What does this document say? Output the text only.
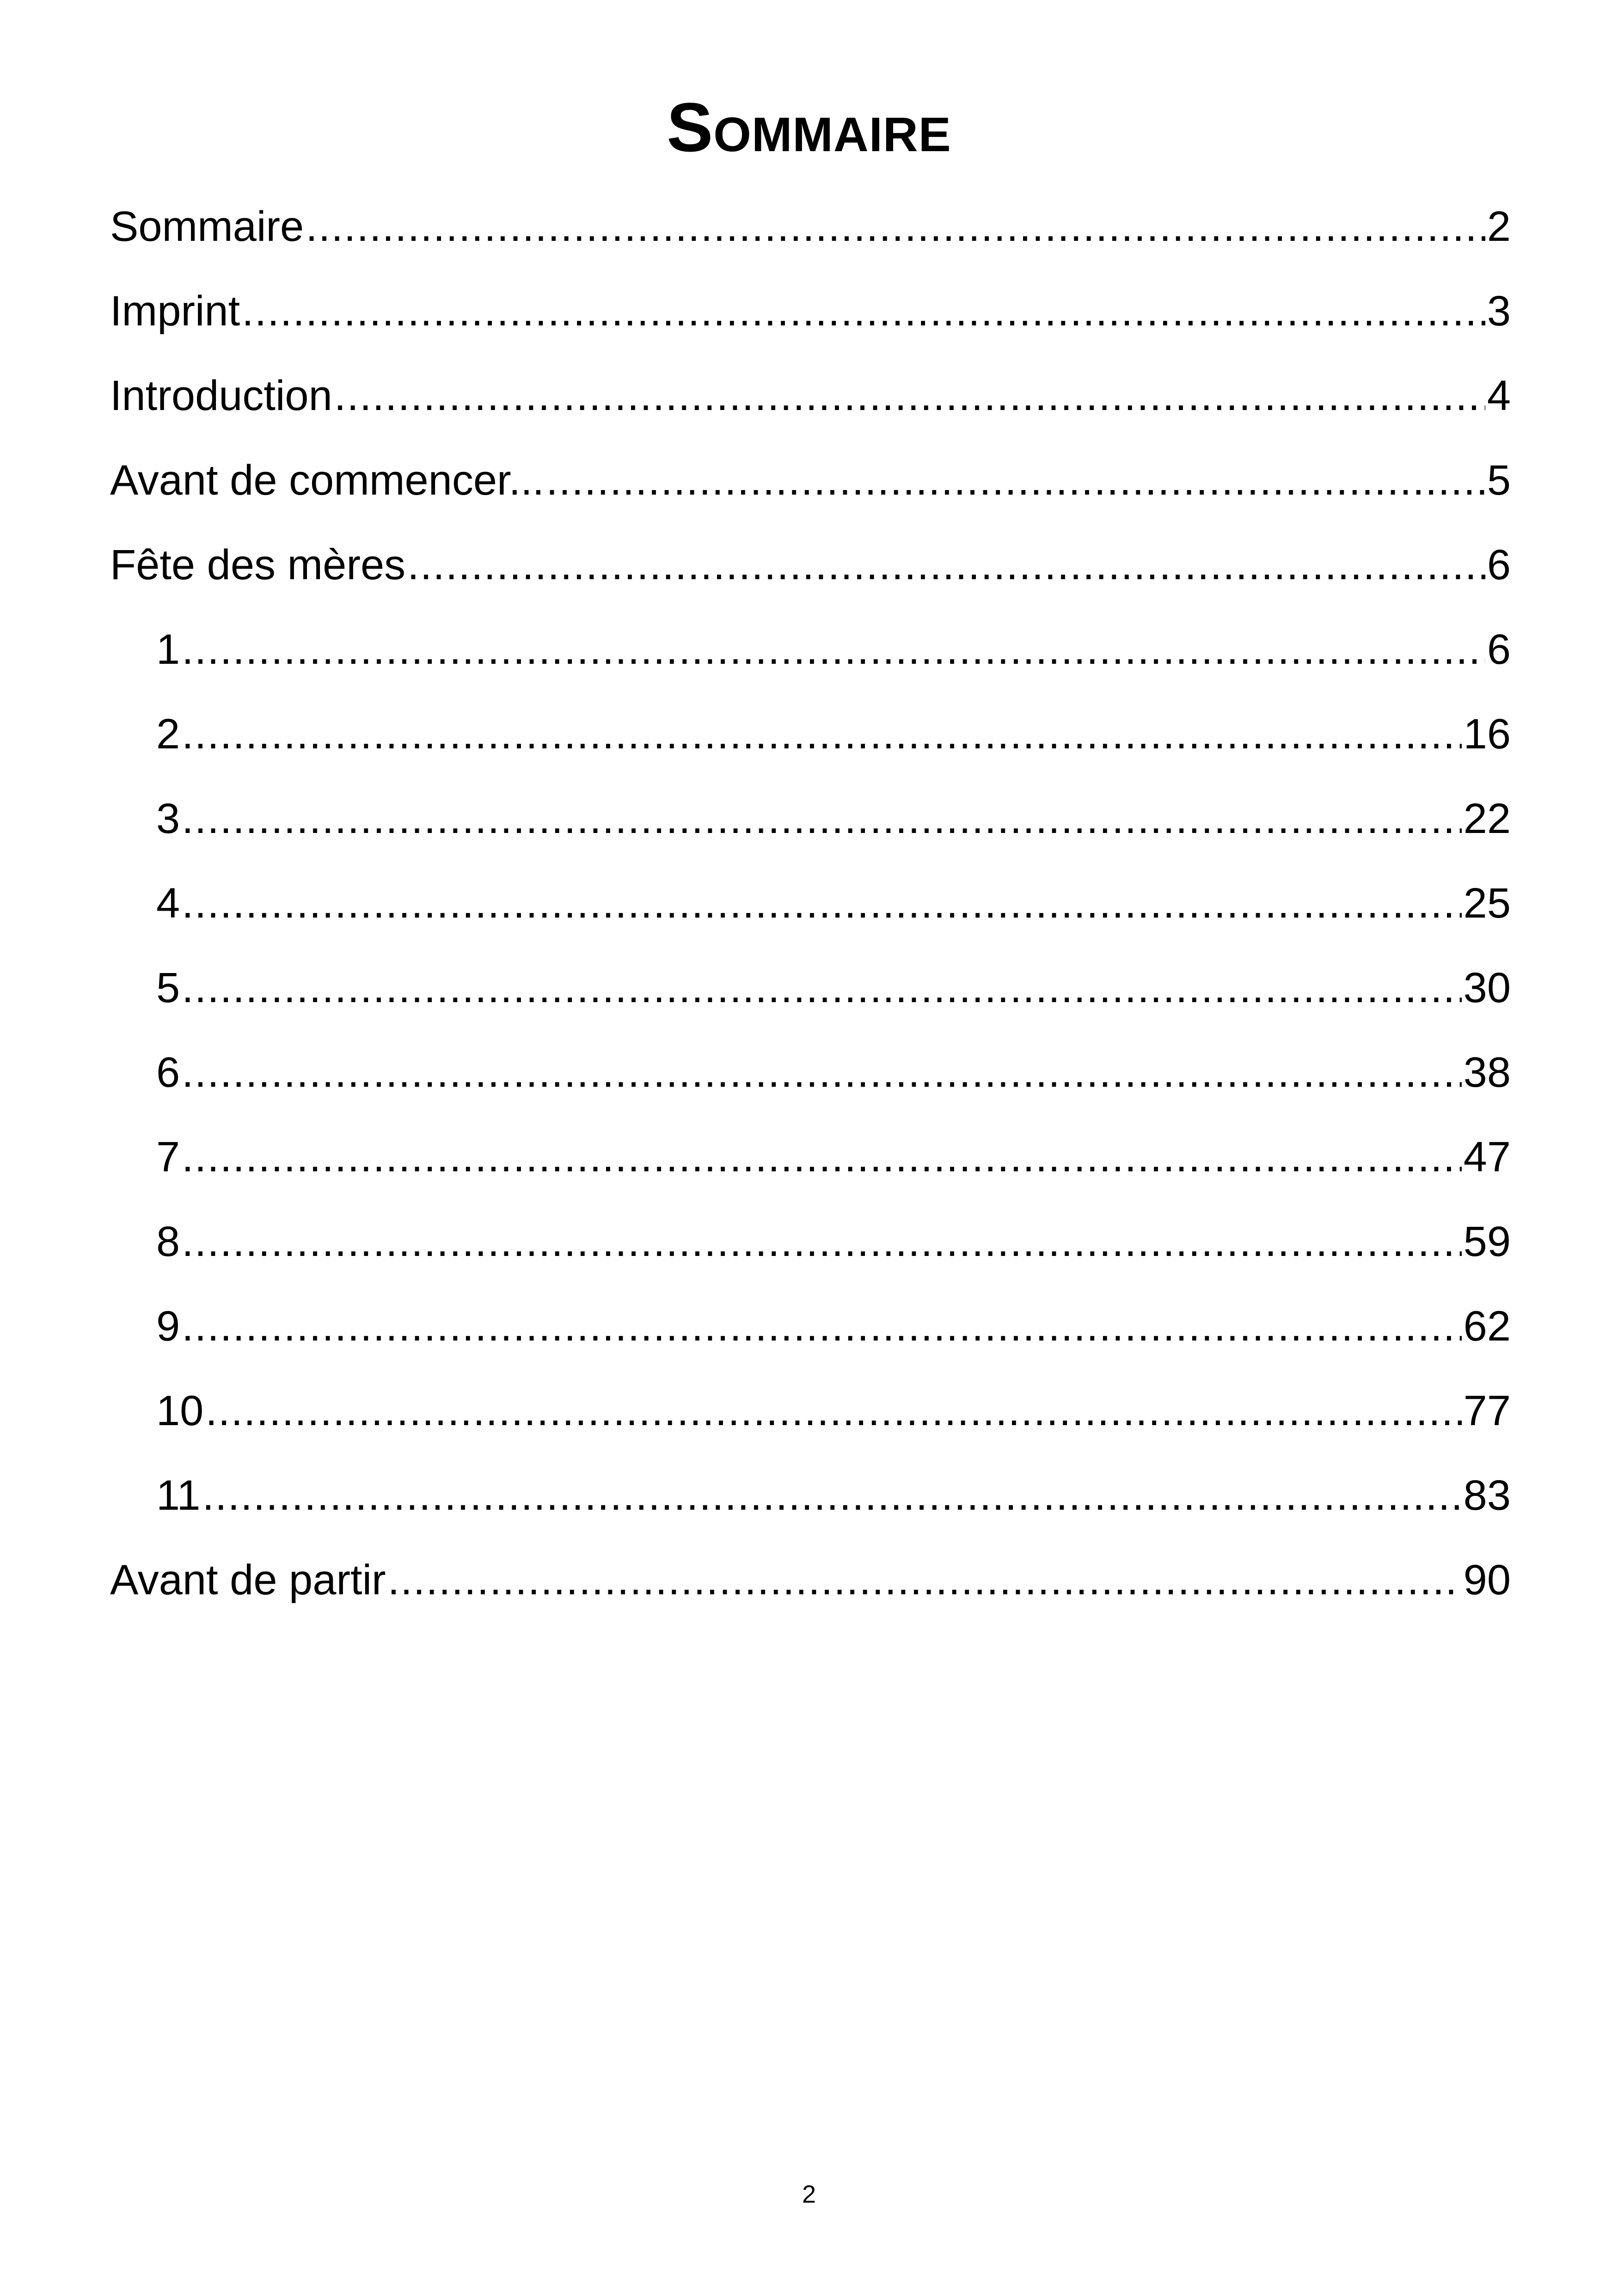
Sommaire
Sommaire .....	2
Imprint .....	3
Introduction .....	4
Avant de commencer... .....	5
Fête des mères .....	6
1 .....	6
2 .....	16
3 .....	22
4 .....	25
5 .....	30
6 .....	38
7 .....	47
8 .....	59
9 .....	62
10 .....	77
11 .....	83
Avant de partir .....	90
2
